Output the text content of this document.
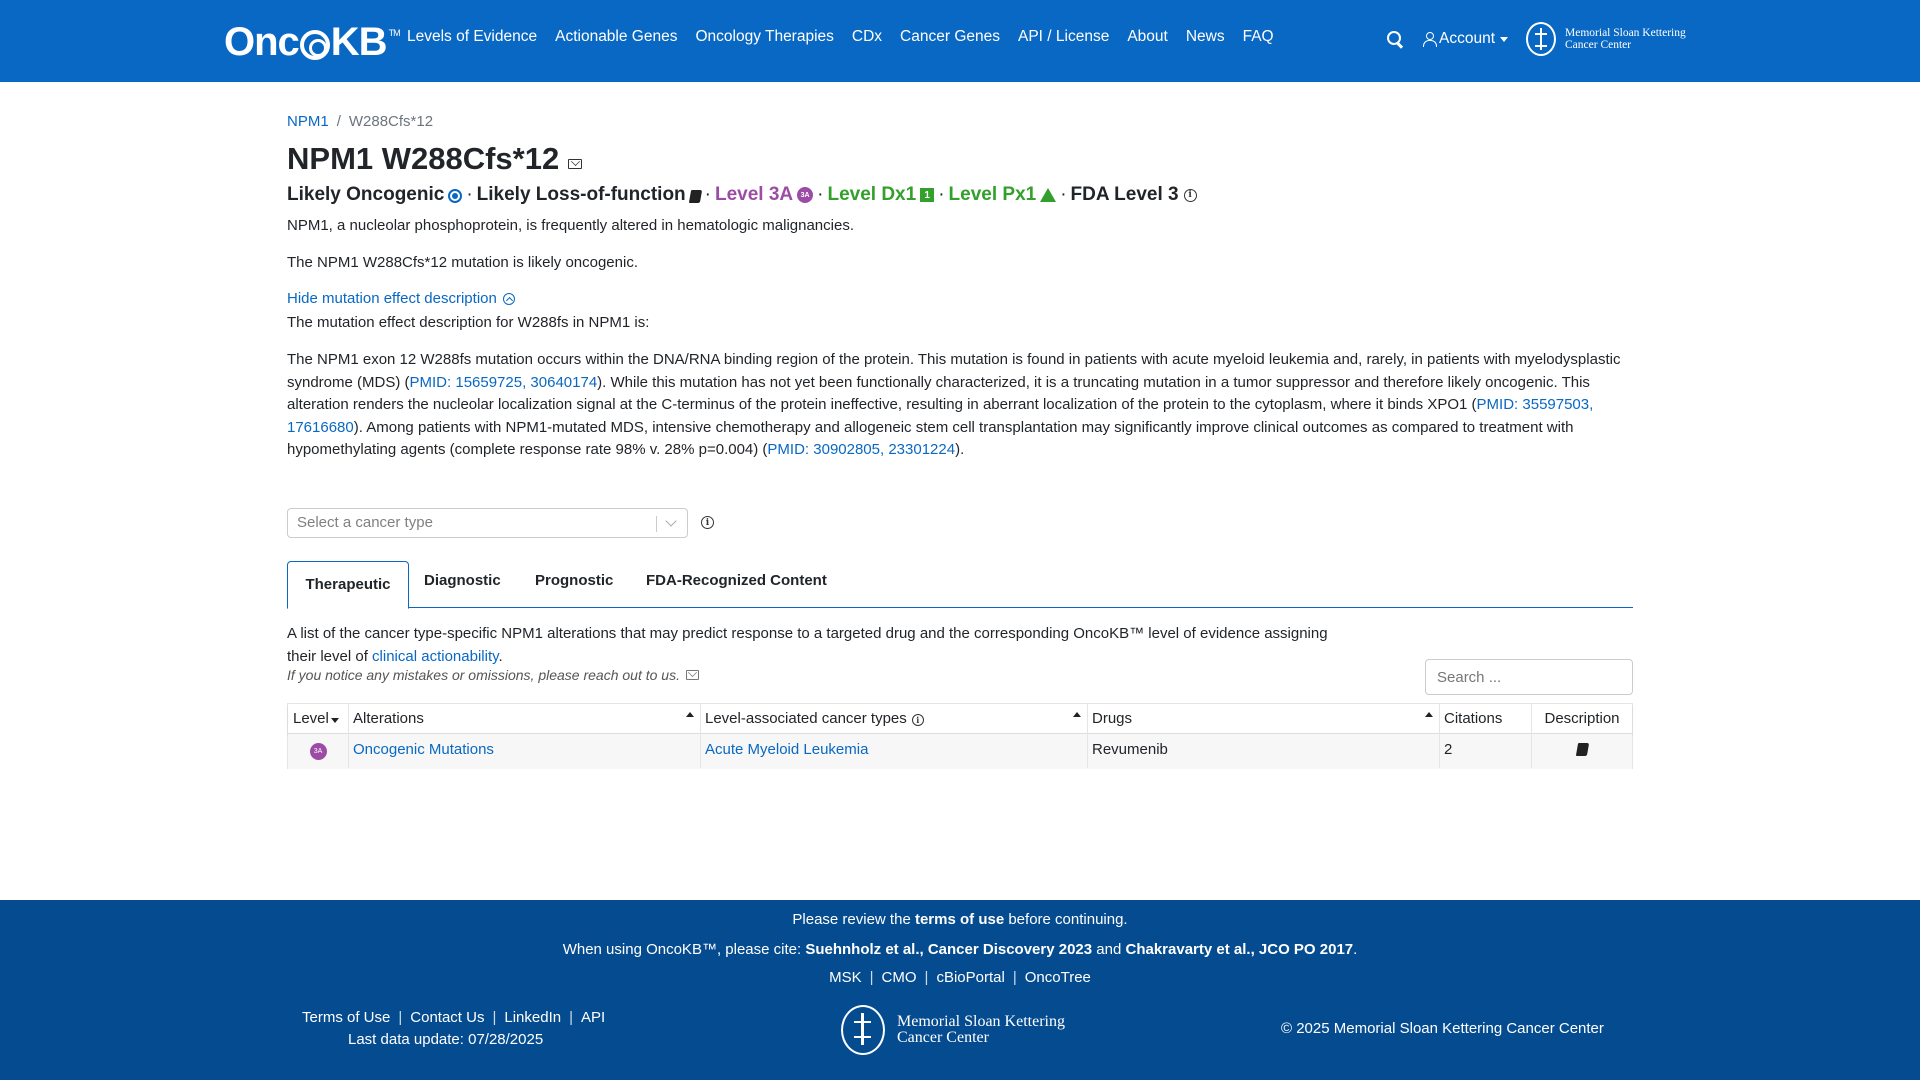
Onc KB TM Levels of Evidence Actionable Genes Oncology Therapies CDx Cancer Genes API / License About News FAQ	Account	Memorial Sloan Kettering
Cancer Center
NPM1 / W288Cfs*12
NPM1 W288Cfs*12
Likely Oncogenic · Likely Loss-of-function · Level 3A	3A · Level Dx1 1 · Level Px1 · FDA Level 3	i
NPM1, a nucleolar phosphoprotein, is frequently altered in hematologic malignancies.
The NPM1 W288Cfs*12 mutation is likely oncogenic.
Hide mutation effect description
The mutation effect description for W288fs in NPM1 is:
The NPM1 exon 12 W288fs mutation occurs within the DNA/RNA binding region of the protein. This mutation is found in patients with acute myeloid leukemia and, rarely, in patients with myelodysplastic syndrome (MDS) (PMID: 15659725, 30640174). While this mutation has not yet been functionally characterized, it is a truncating mutation in a tumor suppressor and therefore likely oncogenic. This alteration renders the nucleolar localization signal at the C-terminus of the protein ineffective, resulting in aberrant localization of the protein to the cytoplasm, where it binds XPO1 (PMID: 35597503, 17616680). Among patients with NPM1-mutated MDS, intensive chemotherapy and allogeneic stem cell transplantation may significantly improve clinical outcomes as compared to treatment with hypomethylating agents (complete response rate 98% v. 28% p=0.004) (PMID: 30902805, 23301224).
Select a cancer type	i
Therapeutic	Diagnostic Prognostic FDA-Recognized Content
A list of the cancer type-specific NPM1 alterations that may predict response to a targeted drug and the corresponding OncoKB™ level of evidence assigning their level of clinical actionability.
If you notice any mistakes or omissions, please reach out to us.
Search ...
Level	Alterations	Level-associated cancer types i	Drugs	Citations	Description
3A	Oncogenic Mutations	Acute Myeloid Leukemia	Revumenib	2
Please review the terms of use before continuing.
When using OncoKB™, please cite: Suehnholz et al., Cancer Discovery 2023 and Chakravarty et al., JCO PO 2017.
MSK | CMO | cBioPortal | OncoTree
Terms of Use | Contact Us | LinkedIn | API
Last data update: 07/28/2025
Memorial Sloan Kettering
Cancer Center
© 2025 Memorial Sloan Kettering Cancer Center
